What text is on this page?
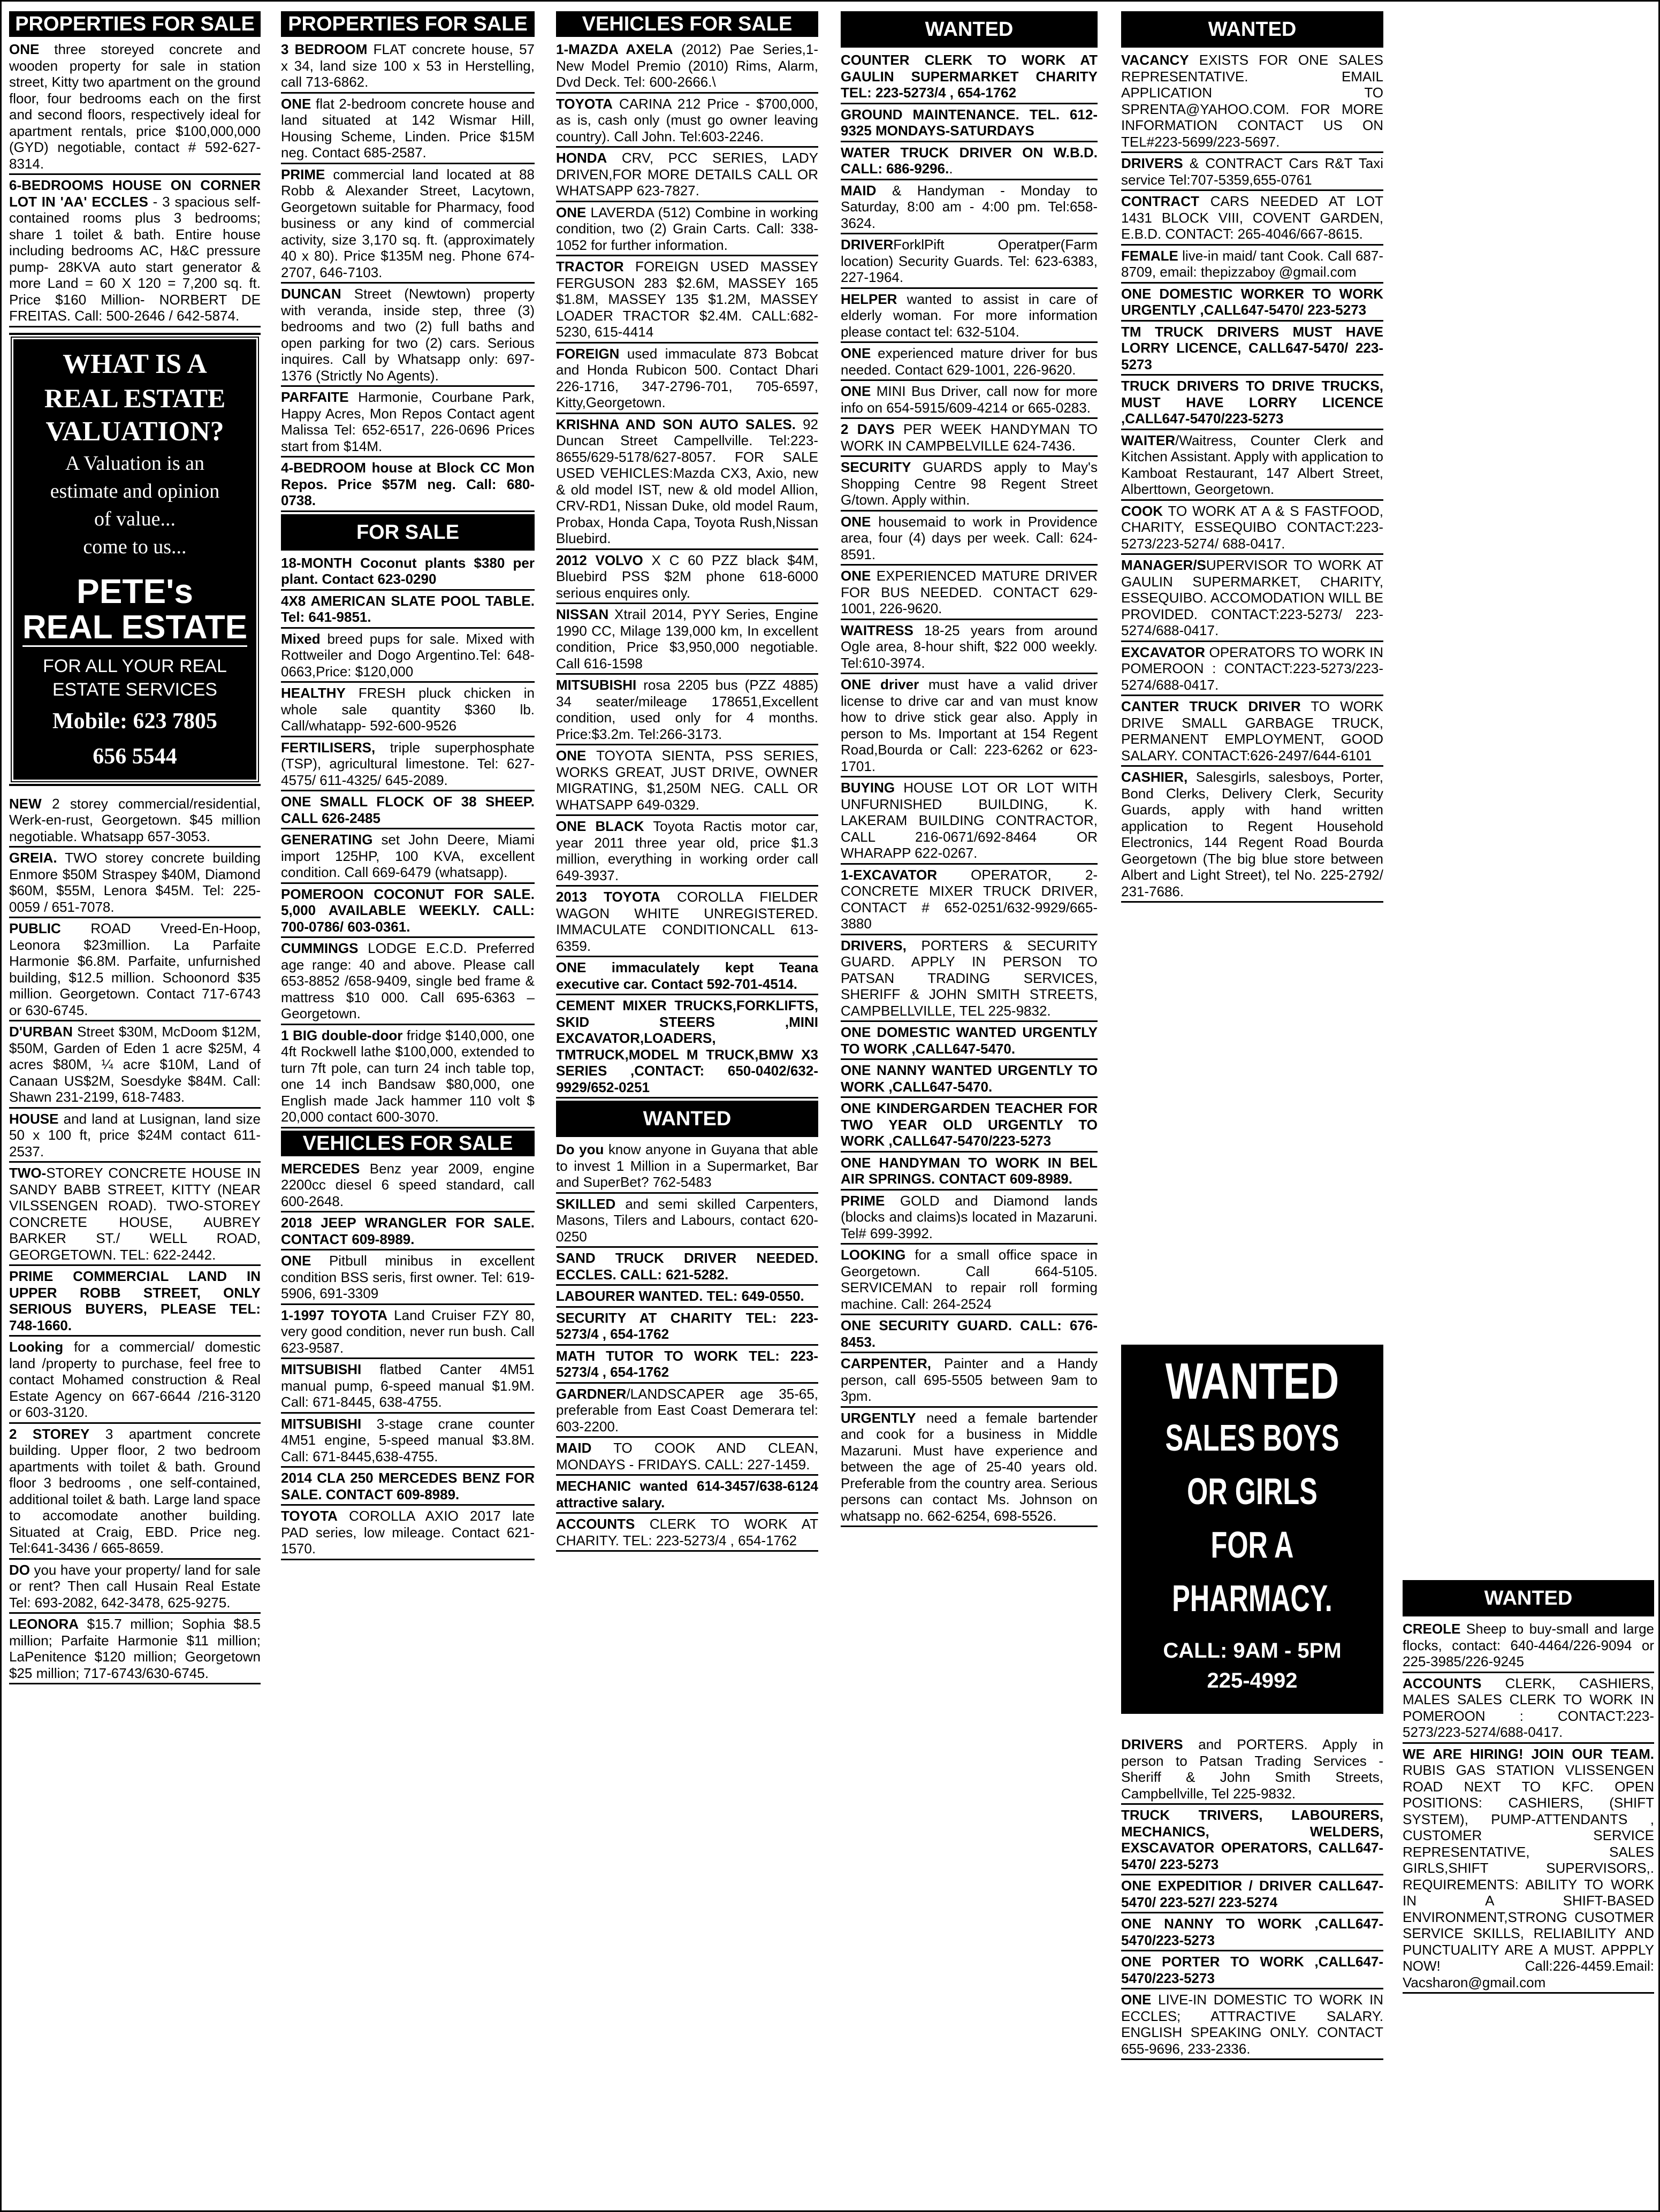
PROPERTIES FOR SALE
ONE three storeyed concrete and wooden property for sale in station street, Kitty two apartment on the ground floor, four bedrooms each on the first and second floors, respectively ideal for apartment rentals, price $100,000,000 (GYD) negotiable, contact # 592-627-8314.
6-BEDROOMS HOUSE ON CORNER LOT IN 'AA' ECCLES - 3 spacious self-contained rooms plus 3 bedrooms; share 1 toilet & bath. Entire house including bedrooms AC, H&C pressure pump- 28KVA auto start generator & more Land = 60 X 120 = 7,200 sq. ft. Price $160 Million- NORBERT DE FREITAS. Call: 500-2646 / 642-5874.
WHAT IS A
REAL ESTATE
VALUATION?
A Valuation is an
estimate and opinion
of value...
come to us...
PETE's
REAL ESTATE
FOR ALL YOUR REAL ESTATE SERVICES
Mobile: 623 7805
656 5544
NEW 2 storey commercial/residential, Werk-en-rust, Georgetown. $45 million negotiable. Whatsapp 657-3053.
GREIA. TWO storey concrete building Enmore $50M Straspey $40M, Diamond $60M, $55M, Lenora $45M. Tel: 225-0059 / 651-7078.
PUBLIC ROAD Vreed-En-Hoop, Leonora $23million. La Parfaite Harmonie $6.8M. Parfaite, unfurnished building, $12.5 million. Schoonord $35 million. Georgetown. Contact 717-6743 or 630-6745.
D'URBAN Street $30M, McDoom $12M, $50M, Garden of Eden 1 acre $25M, 4 acres $80M, ¼ acre $10M, Land of Canaan US$2M, Soesdyke $84M. Call: Shawn 231-2199, 618-7483.
HOUSE and land at Lusignan, land size 50 x 100 ft, price $24M contact 611-2537.
TWO-STOREY CONCRETE HOUSE IN SANDY BABB STREET, KITTY (NEAR VILSSENGEN ROAD). TWO-STOREY CONCRETE HOUSE, AUBREY BARKER ST./ WELL ROAD, GEORGETOWN. TEL: 622-2442.
PRIME COMMERCIAL LAND IN UPPER ROBB STREET, ONLY SERIOUS BUYERS, PLEASE TEL: 748-1660.
Looking for a commercial/ domestic land /property to purchase, feel free to contact Mohamed construction & Real Estate Agency on 667-6644 /216-3120 or 603-3120.
2 STOREY 3 apartment concrete building. Upper floor, 2 two bedroom apartments with toilet & bath. Ground floor 3 bedrooms , one self-contained, additional toilet & bath. Large land space to accomodate another building. Situated at Craig, EBD. Price neg. Tel:641-3436 / 665-8659.
DO you have your property/ land for sale or rent? Then call Husain Real Estate Tel: 693-2082, 642-3478, 625-9275.
LEONORA $15.7 million; Sophia $8.5 million; Parfaite Harmonie $11 million; LaPenitence $120 million; Georgetown $25 million; 717-6743/630-6745.
PROPERTIES FOR SALE
3 BEDROOM FLAT concrete house, 57 x 34, land size 100 x 53 in Herstelling, call 713-6862.
ONE flat 2-bedroom concrete house and land situated at 142 Wismar Hill, Housing Scheme, Linden. Price $15M neg. Contact 685-2587.
PRIME commercial land located at 88 Robb & Alexander Street, Lacytown, Georgetown suitable for Pharmacy, food business or any kind of commercial activity, size 3,170 sq. ft. (approximately 40 x 80). Price $135M neg. Phone 674-2707, 646-7103.
DUNCAN Street (Newtown) property with veranda, inside step, three (3) bedrooms and two (2) full baths and open parking for two (2) cars. Serious inquires. Call by Whatsapp only: 697-1376 (Strictly No Agents).
PARFAITE Harmonie, Courbane Park, Happy Acres, Mon Repos Contact agent Malissa Tel: 652-6517, 226-0696 Prices start from $14M.
4-BEDROOM house at Block CC Mon Repos. Price $57M neg. Call: 680-0738.
FOR SALE
18-MONTH Coconut plants $380 per plant. Contact 623-0290
4X8 AMERICAN SLATE POOL TABLE. Tel: 641-9851.
Mixed breed pups for sale. Mixed with Rottweiler and Dogo Argentino.Tel: 648-0663,Price: $120,000
HEALTHY FRESH pluck chicken in whole sale quantity $360 lb. Call/whatapp- 592-600-9526
FERTILISERS, triple superphosphate (TSP), agricultural limestone. Tel: 627-4575/ 611-4325/ 645-2089.
ONE SMALL FLOCK OF 38 SHEEP. CALL 626-2485
GENERATING set John Deere, Miami import 125HP, 100 KVA, excellent condition. Call 669-6479 (whatsapp).
POMEROON COCONUT FOR SALE. 5,000 AVAILABLE WEEKLY. CALL: 700-0786/ 603-0361.
CUMMINGS LODGE E.C.D. Preferred age range: 40 and above. Please call 653-8852 /658-9409, single bed frame & mattress $10 000. Call 695-6363 – Georgetown.
1 BIG double-door fridge $140,000, one 4ft Rockwell lathe $100,000, extended to turn 7ft pole, can turn 24 inch table top, one 14 inch Bandsaw $80,000, one English made Jack hammer 110 volt $ 20,000 contact 600-3070.
VEHICLES FOR SALE
MERCEDES Benz year 2009, engine 2200cc diesel 6 speed standard, call 600-2648.
2018 JEEP WRANGLER FOR SALE. CONTACT 609-8989.
ONE Pitbull minibus in excellent condition BSS seris, first owner. Tel: 619-5906, 691-3309
1-1997 TOYOTA Land Cruiser FZY 80, very good condition, never run bush. Call 623-9587.
MITSUBISHI flatbed Canter 4M51 manual pump, 6-speed manual $1.9M. Call: 671-8445, 638-4755.
MITSUBISHI 3-stage crane counter 4M51 engine, 5-speed manual $3.8M. Call: 671-8445,638-4755.
2014 CLA 250 MERCEDES BENZ FOR SALE. CONTACT 609-8989.
TOYOTA COROLLA AXIO 2017 late PAD series, low mileage. Contact 621-1570.
VEHICLES FOR SALE
1-MAZDA AXELA (2012) Pae Series,1- New Model Premio (2010) Rims, Alarm, Dvd Deck. Tel: 600-2666.\
TOYOTA CARINA 212 Price - $700,000, as is, cash only (must go owner leaving country). Call John. Tel:603-2246.
HONDA CRV, PCC SERIES, LADY DRIVEN,FOR MORE DETAILS CALL OR WHATSAPP 623-7827.
ONE LAVERDA (512) Combine in working condition, two (2) Grain Carts. Call: 338-1052 for further information.
TRACTOR FOREIGN USED MASSEY FERGUSON 283 $2.6M, MASSEY 165 $1.8M, MASSEY 135 $1.2M, MASSEY LOADER TRACTOR $2.4M. CALL:682-5230, 615-4414
FOREIGN used immaculate 873 Bobcat and Honda Rubicon 500. Contact Dhari 226-1716, 347-2796-701, 705-6597, Kitty,Georgetown.
KRISHNA AND SON AUTO SALES. 92 Duncan Street Campellville. Tel:223-8655/629-5178/627-8057. FOR SALE USED VEHICLES:Mazda CX3, Axio, new & old model IST, new & old model Allion, CRV-RD1, Nissan Duke, old model Raum, Probax, Honda Capa, Toyota Rush,Nissan Bluebird.
2012 VOLVO X C 60 PZZ black $4M, Bluebird PSS $2M phone 618-6000 serious enquires only.
NISSAN Xtrail 2014, PYY Series, Engine 1990 CC, Milage 139,000 km, In excellent condition, Price $3,950,000 negotiable. Call 616-1598
MITSUBISHI rosa 2205 bus (PZZ 4885) 34 seater/mileage 178651,Excellent condition, used only for 4 months. Price:$3.2m. Tel:266-3173.
ONE TOYOTA SIENTA, PSS SERIES, WORKS GREAT, JUST DRIVE, OWNER MIGRATING, $1,250M NEG. CALL OR WHATSAPP 649-0329.
ONE BLACK Toyota Ractis motor car, year 2011 three year old, price $1.3 million, everything in working order call 649-3937.
2013 TOYOTA COROLLA FIELDER WAGON WHITE UNREGISTERED. IMMACULATE CONDITIONCALL 613-6359.
ONE immaculately kept Teana executive car. Contact 592-701-4514.
CEMENT MIXER TRUCKS,FORKLIFTS, SKID STEERS ,MINI EXCAVATOR,LOADERS, TMTRUCK,MODEL M TRUCK,BMW X3 SERIES ,CONTACT: 650-0402/632-9929/652-0251
WANTED
Do you know anyone in Guyana that able to invest 1 Million in a Supermarket, Bar and SuperBet? 762-5483
SKILLED and semi skilled Carpenters, Masons, Tilers and Labours, contact 620-0250
SAND TRUCK DRIVER NEEDED. ECCLES. CALL: 621-5282.
LABOURER WANTED. TEL: 649-0550.
SECURITY AT CHARITY TEL: 223-5273/4 , 654-1762
MATH TUTOR TO WORK TEL: 223-5273/4 , 654-1762
GARDNER/LANDSCAPER age 35-65, preferable from East Coast Demerara tel: 603-2200.
MAID TO COOK AND CLEAN, MONDAYS - FRIDAYS. CALL: 227-1459.
MECHANIC wanted 614-3457/638-6124 attractive salary.
ACCOUNTS CLERK TO WORK AT CHARITY. TEL: 223-5273/4 , 654-1762
WANTED
COUNTER CLERK TO WORK AT GAULIN SUPERMARKET CHARITY TEL: 223-5273/4 , 654-1762
GROUND MAINTENANCE. TEL. 612-9325 MONDAYS-SATURDAYS
WATER TRUCK DRIVER ON W.B.D. CALL: 686-9296..
MAID & Handyman - Monday to Saturday, 8:00 am - 4:00 pm. Tel:658-3624.
DRIVERForklPift Operatper(Farm location) Security Guards. Tel: 623-6383, 227-1964.
HELPER wanted to assist in care of elderly woman. For more information please contact tel: 632-5104.
ONE experienced mature driver for bus needed. Contact 629-1001, 226-9620.
ONE MINI Bus Driver, call now for more info on 654-5915/609-4214 or 665-0283.
2 DAYS PER WEEK HANDYMAN TO WORK IN CAMPBELVILLE 624-7436.
SECURITY GUARDS apply to May's Shopping Centre 98 Regent Street G/town. Apply within.
ONE housemaid to work in Providence area, four (4) days per week. Call: 624-8591.
ONE EXPERIENCED MATURE DRIVER FOR BUS NEEDED. CONTACT 629-1001, 226-9620.
WAITRESS 18-25 years from around Ogle area, 8-hour shift, $22 000 weekly. Tel:610-3974.
ONE driver must have a valid driver license to drive car and van must know how to drive stick gear also. Apply in person to Ms. Important at 154 Regent Road,Bourda or Call: 223-6262 or 623-1701.
BUYING HOUSE LOT OR LOT WITH UNFURNISHED BUILDING, K. LAKERAM BUILDING CONTRACTOR, CALL 216-0671/692-8464 OR WHARAPP 622-0267.
1-EXCAVATOR OPERATOR, 2- CONCRETE MIXER TRUCK DRIVER, CONTACT # 652-0251/632-9929/665-3880
DRIVERS, PORTERS & SECURITY GUARD. APPLY IN PERSON TO PATSAN TRADING SERVICES, SHERIFF & JOHN SMITH STREETS, CAMPBELLVILLE, TEL 225-9832.
ONE DOMESTIC WANTED URGENTLY TO WORK ,CALL647-5470.
ONE NANNY WANTED URGENTLY TO WORK ,CALL647-5470.
ONE KINDERGARDEN TEACHER FOR TWO YEAR OLD URGENTLY TO WORK ,CALL647-5470/223-5273
ONE HANDYMAN TO WORK IN BEL AIR SPRINGS. CONTACT 609-8989.
PRIME GOLD and Diamond lands (blocks and claims)s located in Mazaruni. Tel# 699-3992.
LOOKING for a small office space in Georgetown. Call 664-5105. SERVICEMAN to repair roll forming machine. Call: 264-2524
ONE SECURITY GUARD. CALL: 676-8453.
CARPENTER, Painter and a Handy person, call 695-5505 between 9am to 3pm.
URGENTLY need a female bartender and cook for a business in Middle Mazaruni. Must have experience and between the age of 25-40 years old. Preferable from the country area. Serious persons can contact Ms. Johnson on whatsapp no. 662-6254, 698-5526.
WANTED
VACANCY EXISTS FOR ONE SALES REPRESENTATIVE. EMAIL APPLICATION TO SPRENTA@YAHOO.COM. FOR MORE INFORMATION CONTACT US ON TEL#223-5699/223-5697.
DRIVERS & CONTRACT Cars R&T Taxi service Tel:707-5359,655-0761
CONTRACT CARS NEEDED AT LOT 1431 BLOCK VIII, COVENT GARDEN, E.B.D. CONTACT: 265-4046/667-8615.
FEMALE live-in maid/ tant Cook. Call 687-8709, email: thepizzaboy @gmail.com
ONE DOMESTIC WORKER TO WORK URGENTLY ,CALL647-5470/ 223-5273
TM TRUCK DRIVERS MUST HAVE LORRY LICENCE, CALL647-5470/ 223-5273
TRUCK DRIVERS TO DRIVE TRUCKS, MUST HAVE LORRY LICENCE ,CALL647-5470/223-5273
WAITER/Waitress, Counter Clerk and Kitchen Assistant. Apply with application to Kamboat Restaurant, 147 Albert Street, Alberttown, Georgetown.
COOK TO WORK AT A & S FASTFOOD, CHARITY, ESSEQUIBO CONTACT:223-5273/223-5274/ 688-0417.
MANAGER/SUPERVISOR TO WORK AT GAULIN SUPERMARKET, CHARITY, ESSEQUIBO. ACCOMODATION WILL BE PROVIDED. CONTACT:223-5273/ 223-5274/688-0417.
EXCAVATOR OPERATORS TO WORK IN POMEROON : CONTACT:223-5273/223-5274/688-0417.
CANTER TRUCK DRIVER TO WORK DRIVE SMALL GARBAGE TRUCK, PERMANENT EMPLOYMENT, GOOD SALARY. CONTACT:626-2497/644-6101
CASHIER, Salesgirls, salesboys, Porter, Bond Clerks, Delivery Clerk, Security Guards, apply with hand written application to Regent Household Electronics, 144 Regent Road Bourda Georgetown (The big blue store between Albert and Light Street), tel No. 225-2792/ 231-7686.
WANTED
SALES BOYS
OR GIRLS
FOR A
PHARMACY.
CALL: 9AM - 5PM
225-4992
DRIVERS and PORTERS. Apply in person to Patsan Trading Services - Sheriff & John Smith Streets, Campbellville, Tel 225-9832.
TRUCK TRIVERS, LABOURERS, MECHANICS, WELDERS, EXSCAVATOR OPERATORS, CALL647-5470/ 223-5273
ONE EXPEDITIOR / DRIVER CALL647-5470/ 223-527/ 223-5274
ONE NANNY TO WORK ,CALL647-5470/223-5273
ONE PORTER TO WORK ,CALL647-5470/223-5273
ONE LIVE-IN DOMESTIC TO WORK IN ECCLES; ATTRACTIVE SALARY. ENGLISH SPEAKING ONLY. CONTACT 655-9696, 233-2336.
WANTED
CREOLE Sheep to buy-small and large flocks, contact: 640-4464/226-9094 or 225-3985/226-9245
ACCOUNTS CLERK, CASHIERS, MALES SALES CLERK TO WORK IN POMEROON : CONTACT:223-5273/223-5274/688-0417.
WE ARE HIRING! JOIN OUR TEAM. RUBIS GAS STATION VLISSENGEN ROAD NEXT TO KFC. OPEN POSITIONS: CASHIERS, (SHIFT SYSTEM), PUMP-ATTENDANTS , CUSTOMER SERVICE REPRESENTATIVE, SALES GIRLS,SHIFT SUPERVISORS,. REQUIREMENTS: ABILITY TO WORK IN A SHIFT-BASED ENVIRONMENT,STRONG CUSOTMER SERVICE SKILLS, RELIABILITY AND PUNCTUALITY ARE A MUST. APPPLY NOW! Call:226-4459.Email: Vacsharon@gmail.com
